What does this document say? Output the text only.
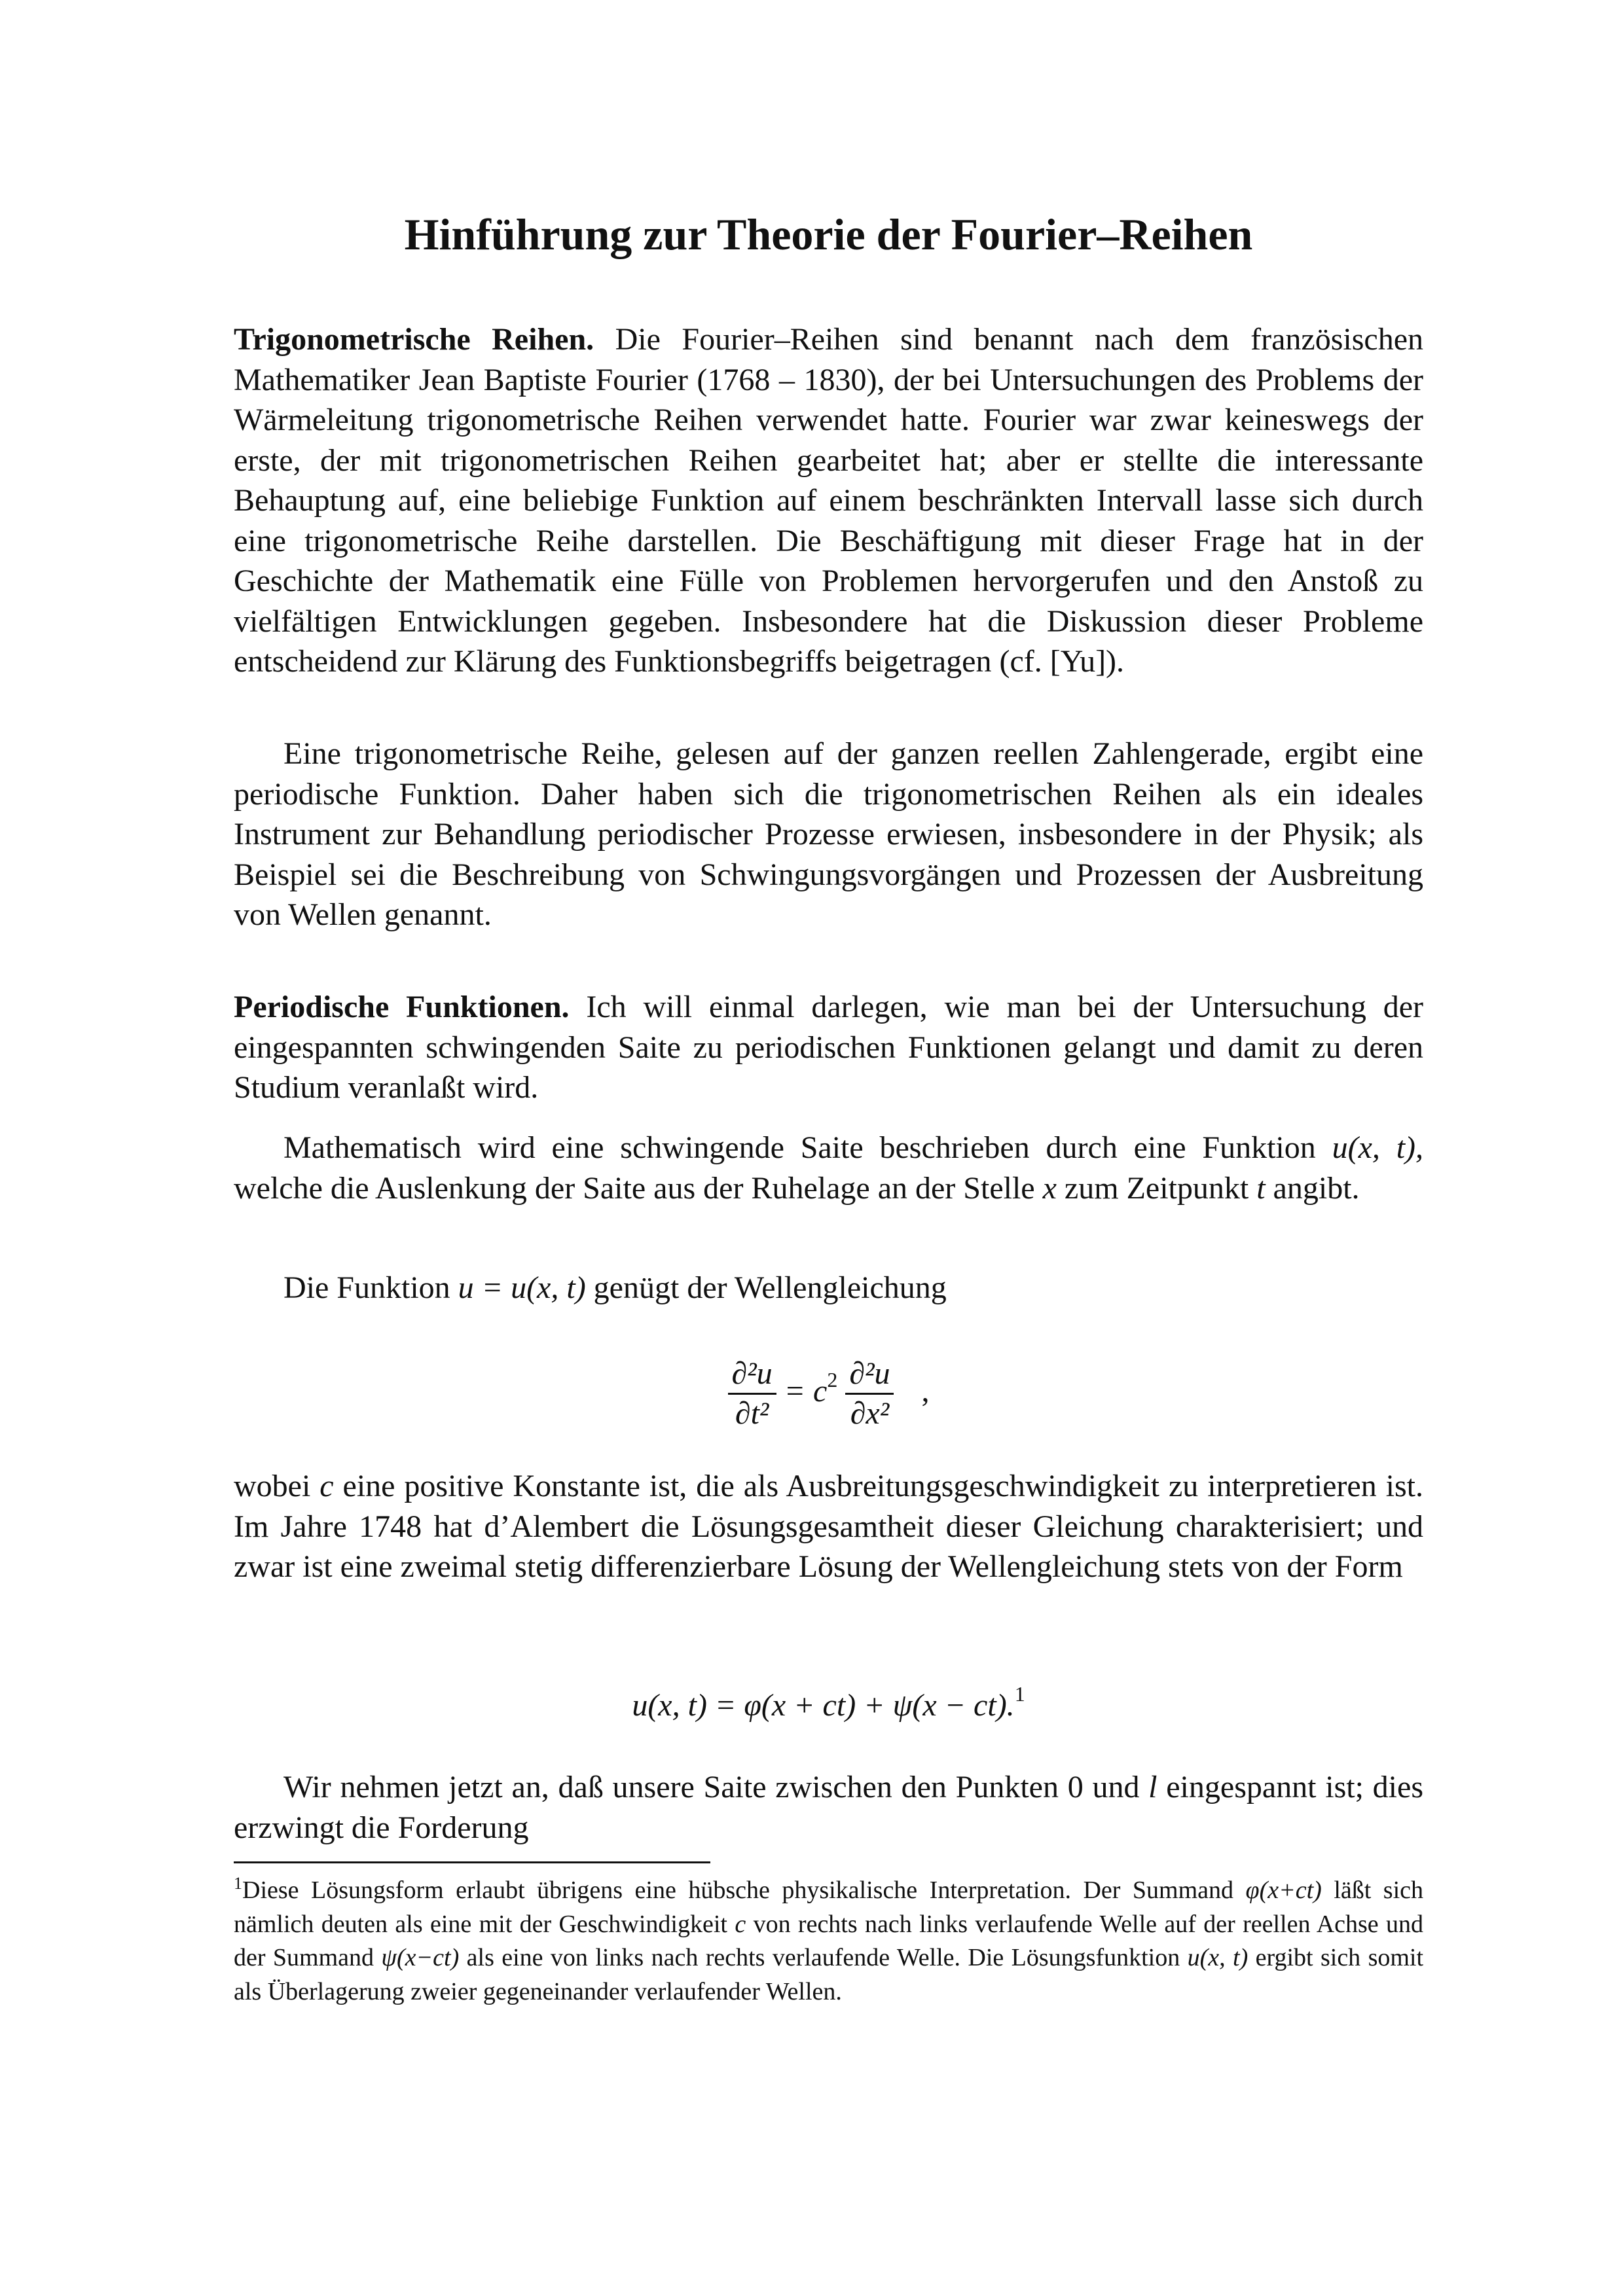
Hinführung zur Theorie der Fourier–Reihen

Trigonometrische Reihen. Die Fourier–Reihen sind benannt nach dem französischen Mathematiker Jean Baptiste Fourier (1768 – 1830), der bei Untersuchungen des Problems der Wärmeleitung trigonometrische Reihen verwendet hatte. Fourier war zwar keineswegs der erste, der mit trigonometrischen Reihen gearbeitet hat; aber er stellte die interessante Behauptung auf, eine beliebige Funktion auf einem beschränkten Intervall lasse sich durch eine trigonometrische Reihe darstellen. Die Beschäftigung mit dieser Frage hat in der Geschichte der Mathematik eine Fülle von Problemen hervorgerufen und den Anstoß zu vielfältigen Entwicklungen gegeben. Insbesondere hat die Diskussion dieser Probleme entscheidend zur Klärung des Funktionsbegriffs beigetragen (cf. [Yu]).

Eine trigonometrische Reihe, gelesen auf der ganzen reellen Zahlengerade, ergibt eine periodische Funktion. Daher haben sich die trigonometrischen Reihen als ein ideales Instrument zur Behandlung periodischer Prozesse erwiesen, insbesondere in der Physik; als Beispiel sei die Beschreibung von Schwingungsvorgängen und Prozessen der Ausbreitung von Wellen genannt.

Periodische Funktionen. Ich will einmal darlegen, wie man bei der Untersuchung der eingespannten schwingenden Saite zu periodischen Funktionen gelangt und damit zu deren Studium veranlaßt wird.

Mathematisch wird eine schwingende Saite beschrieben durch eine Funktion u(x, t), welche die Auslenkung der Saite aus der Ruhelage an der Stelle x zum Zeitpunkt t angibt.

Die Funktion u = u(x, t) genügt der Wellengleichung

$\frac{\text{∂²u}}{\text{∂t²}} = c^2 \frac{\text{∂²u}}{\text{∂x²}}$ ,

wobei c eine positive Konstante ist, die als Ausbreitungsgeschwindigkeit zu interpretieren ist. Im Jahre 1748 hat d’Alembert die Lösungsgesamtheit dieser Gleichung charakterisiert; und zwar ist eine zweimal stetig differenzierbare Lösung der Wellengleichung stets von der Form

u(x, t) = φ(x + ct) + ψ(x − ct).$^1$

Wir nehmen jetzt an, daß unsere Saite zwischen den Punkten 0 und l eingespannt ist; dies erzwingt die Forderung

$^1$Diese Lösungsform erlaubt übrigens eine hübsche physikalische Interpretation. Der Summand φ(x+ct) läßt sich nämlich deuten als eine mit der Geschwindigkeit c von rechts nach links verlaufende Welle auf der reellen Achse und der Summand ψ(x−ct) als eine von links nach rechts verlaufende Welle. Die Lösungsfunktion u(x, t) ergibt sich somit als Überlagerung zweier gegeneinander verlaufender Wellen.
